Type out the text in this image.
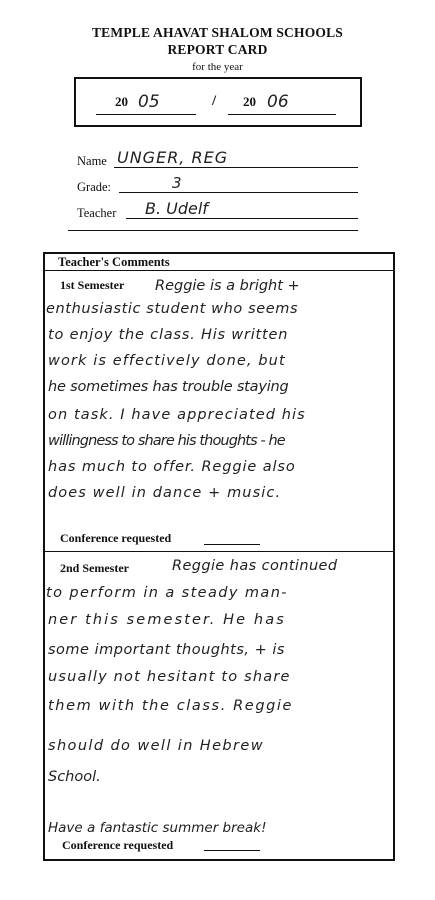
TEMPLE AHAVAT SHALOM SCHOOLS
REPORT CARD
for the year
20 05	/ 20 06
Name UNGER, REG
Grade:	3
Teacher B. Udelf
Teacher's Comments
1st Semester Reggie is a bright +
enthusiastic student who seems
to enjoy the class. His written
work is effectively done, but
he sometimes has trouble staying
on task. I have appreciated his
willingness to share his thoughts - he
has much to offer. Reggie also
does well in dance + music.
Conference requested
2nd Semester	Reggie has continued
to perform in a steady man-
ner this semester. He has
some important thoughts, + is
usually not hesitant to share
them with the class. Reggie
should do well in Hebrew
School.
Have a fantastic summer break!
Conference requested
